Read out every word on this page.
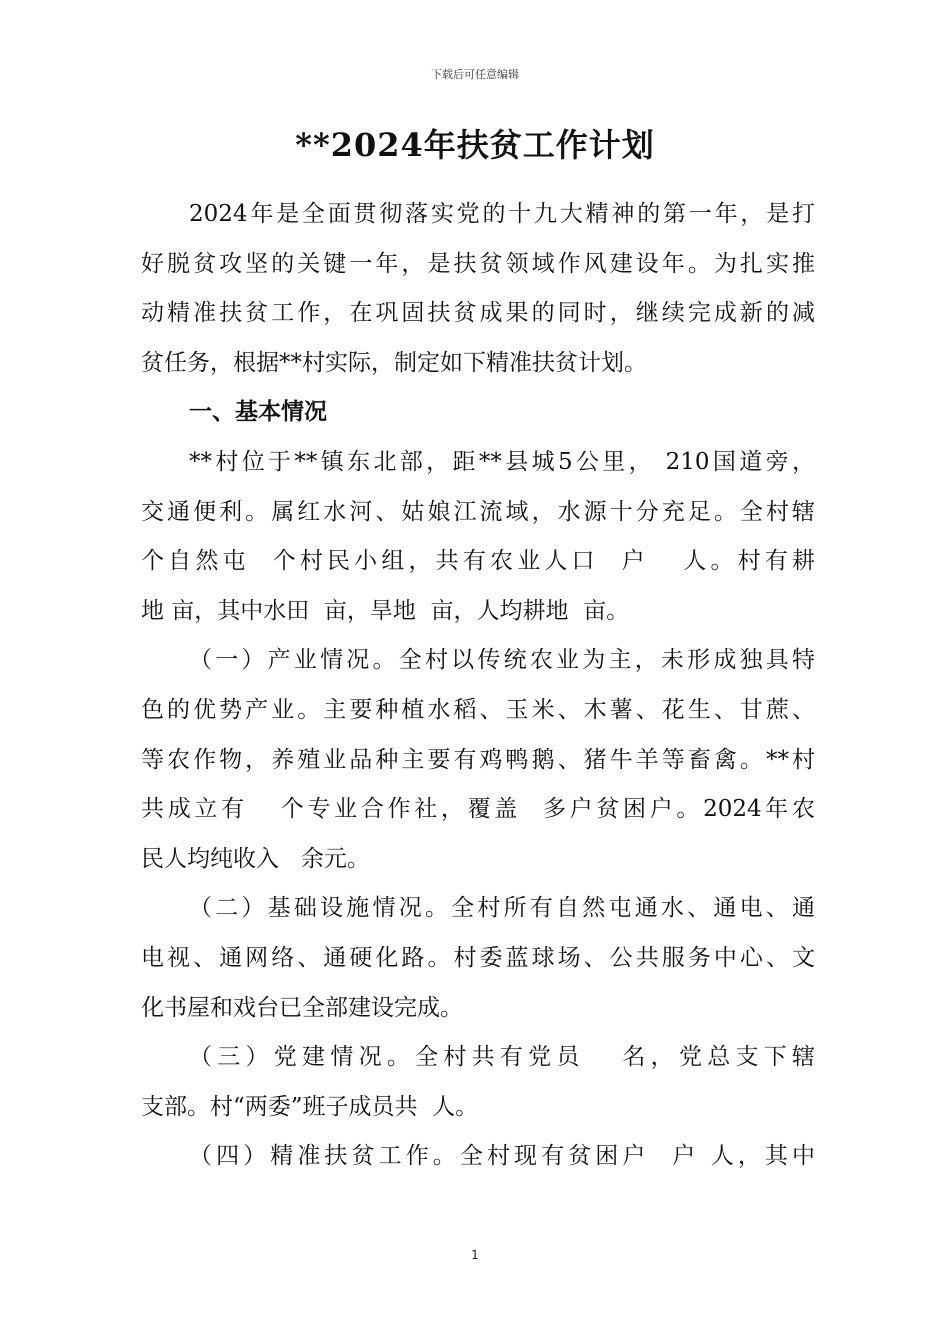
下载后可任意编辑
**2024年扶贫工作计划
2024年是全面贯彻落实党的十九大精神的第一年，是打
好脱贫攻坚的关键一年，是扶贫领域作风建设年。为扎实推
动精准扶贫工作，在巩固扶贫成果的同时，继续完成新的减
贫任务，根据**村实际，制定如下精准扶贫计划。
一、基本情况
**村位于**镇东北部，距**县城5公里， 210国道旁，
交通便利。属红水河、姑娘江流域，水源十分充足。全村辖
个自然屯  个村民小组，共有农业人口  户   人。村有耕
地 亩，其中水田  亩，旱地  亩，人均耕地  亩。
（一）产业情况。全村以传统农业为主，未形成独具特
色的优势产业。主要种植水稻、玉米、木薯、花生、甘蔗、
等农作物，养殖业品种主要有鸡鸭鹅、猪牛羊等畜禽。**村
共成立有   个专业合作社，覆盖  多户贫困户。2024年农
民人均纯收入   余元。
（二）基础设施情况。全村所有自然屯通水、通电、通
电视、通网络、通硬化路。村委蓝球场、公共服务中心、文
化书屋和戏台已全部建设完成。
（三）党建情况。全村共有党员   名，党总支下辖
支部。村“两委”班子成员共  人。
（四）精准扶贫工作。全村现有贫困户  户 人，其中
1
